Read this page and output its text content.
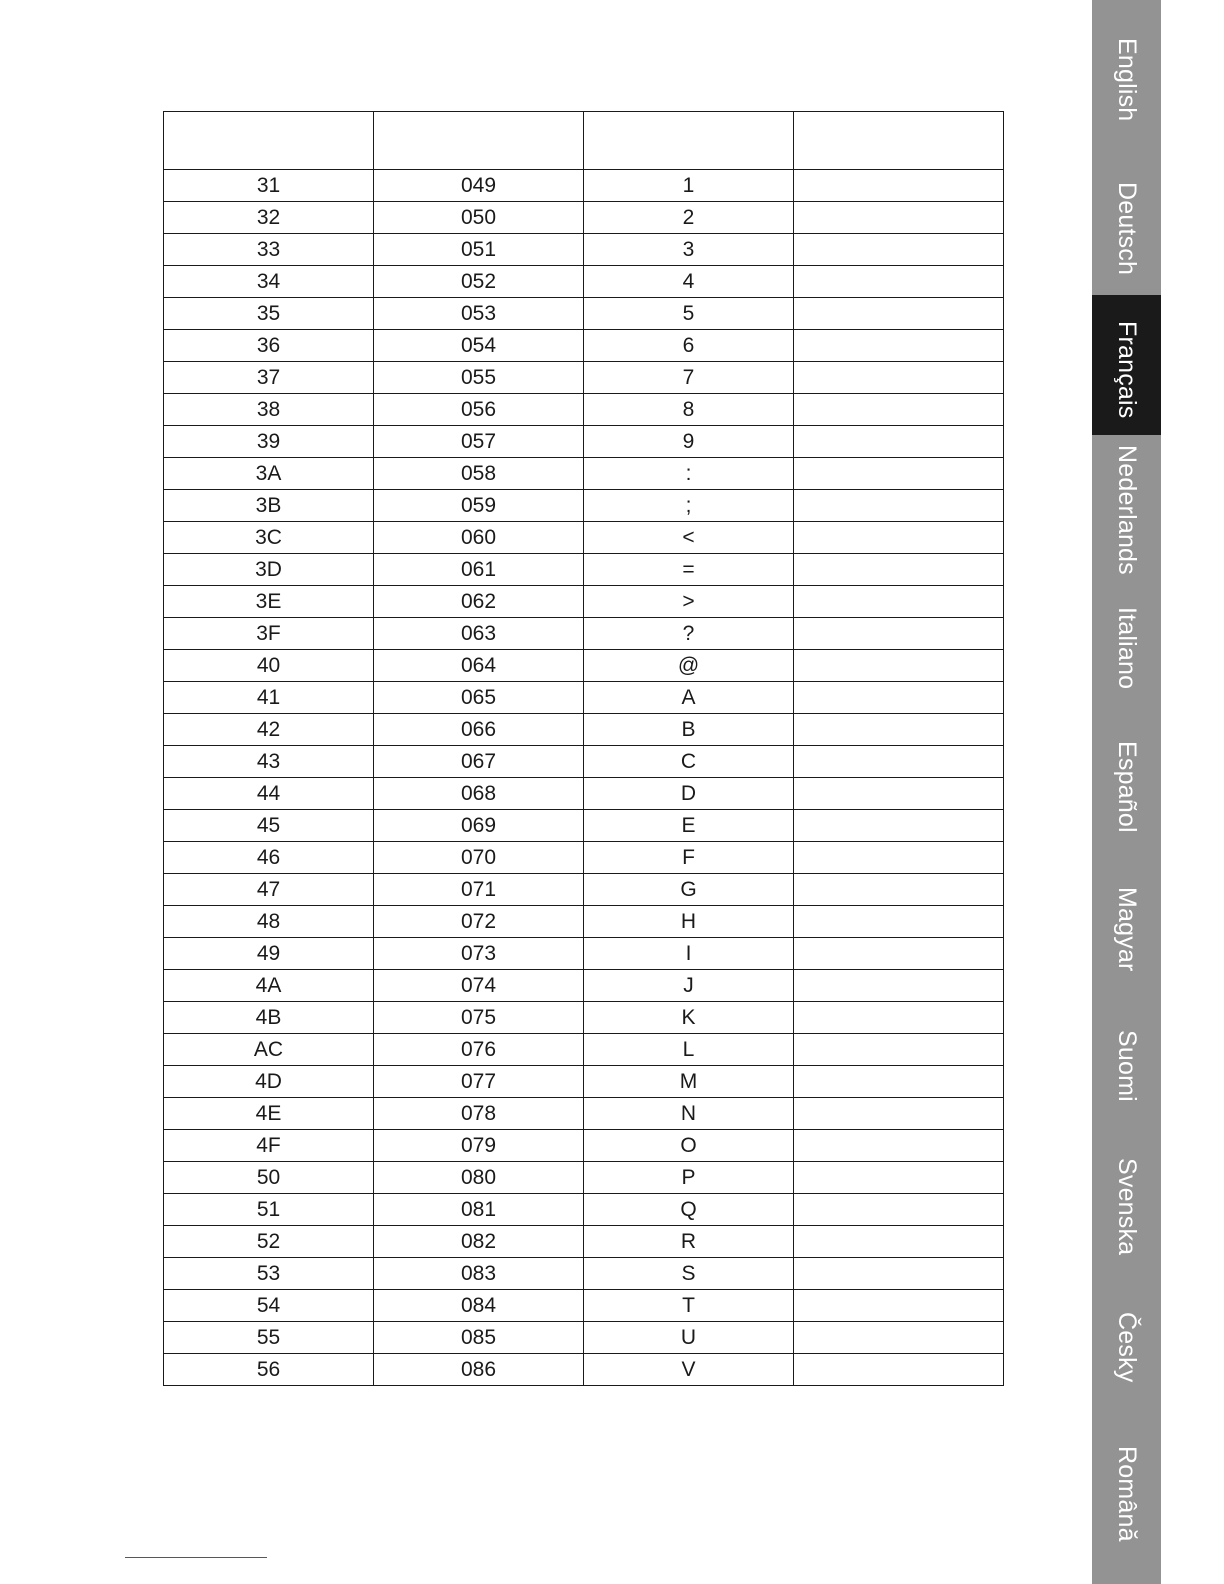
31	049	1	
32	050	2	
33	051	3	
34	052	4	
35	053	5	
36	054	6	
37	055	7	
38	056	8	
39	057	9	
3A	058	:	
3B	059	;	
3C	060	<	
3D	061	=	
3E	062	>	
3F	063	?	
40	064	@	
41	065	A	
42	066	B	
43	067	C	
44	068	D	
45	069	E	
46	070	F	
47	071	G	
48	072	H	
49	073	I	
4A	074	J	
4B	075	K	
AC	076	L	
4D	077	M	
4E	078	N	
4F	079	O	
50	080	P	
51	081	Q	
52	082	R	
53	083	S	
54	084	T	
55	085	U	
56	086	V	
English
Deutsch
Français
Nederlands
Italiano
Español
Magyar
Suomi
Svenska
Česky
Română
